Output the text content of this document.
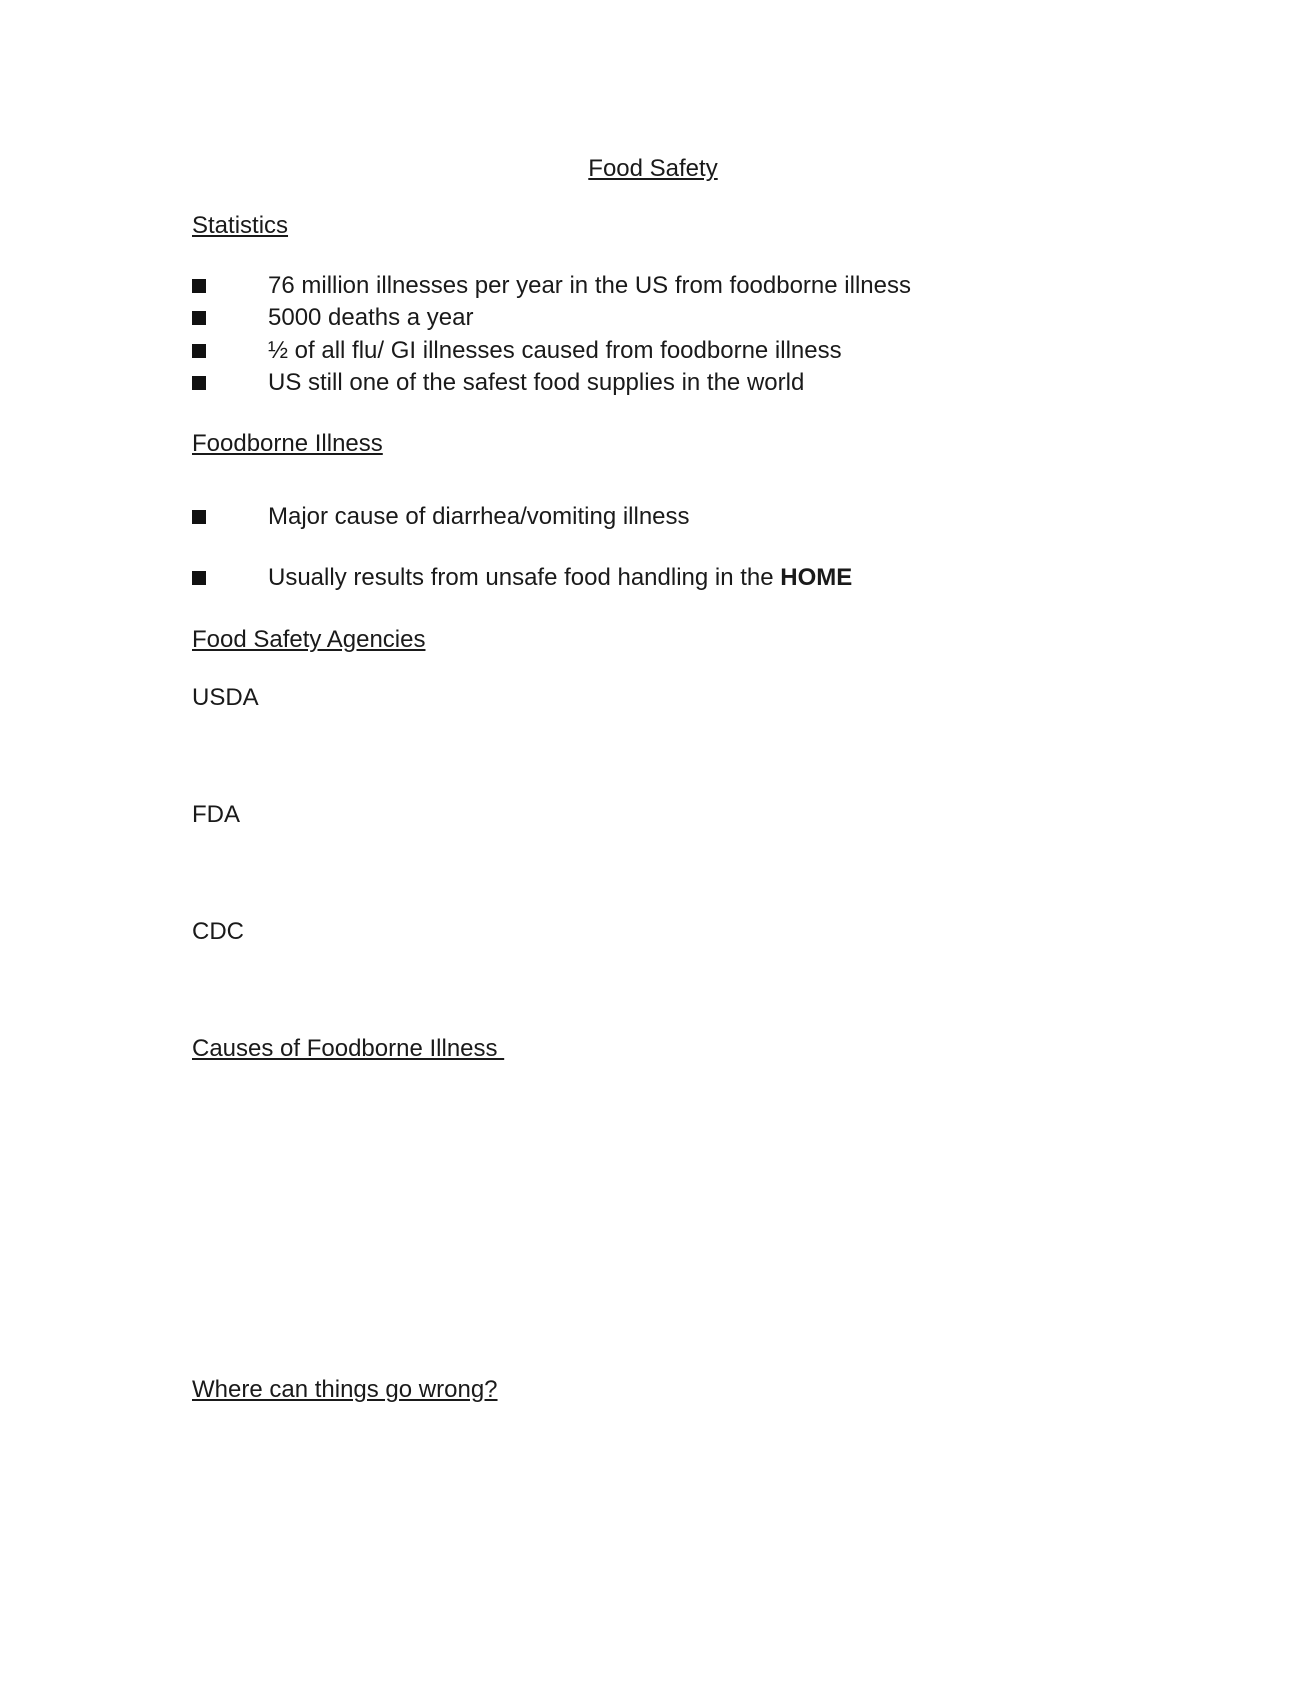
Food Safety
Statistics
76 million illnesses per year in the US from foodborne illness
5000 deaths a year
½ of all flu/ GI illnesses caused from foodborne illness
US still one of the safest food supplies in the world
Foodborne Illness
Major cause of diarrhea/vomiting illness
Usually results from unsafe food handling in the HOME
Food Safety Agencies
USDA
FDA
CDC
Causes of Foodborne Illness
Where can things go wrong?
